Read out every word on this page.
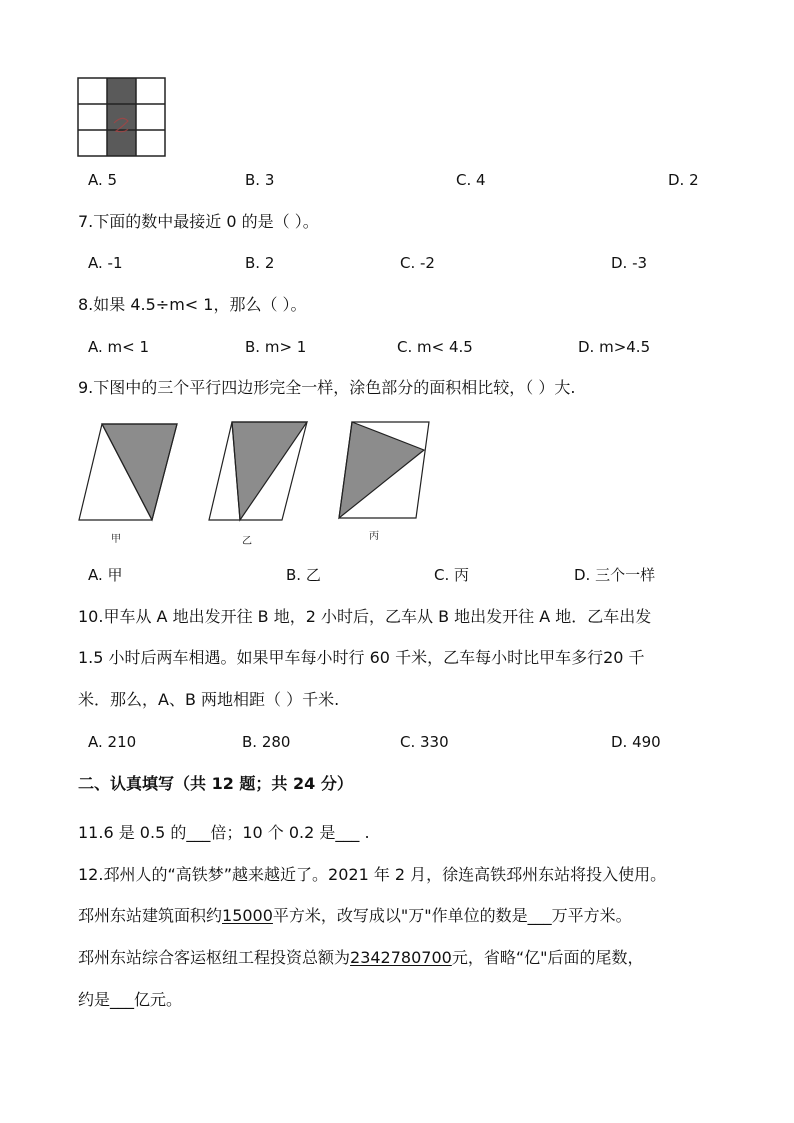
A. 5	B. 3	C. 4	D. 2
7.下面的数中最接近 0 的是（ ）。
A. -1	B. 2	C. -2	D. -3
8.如果 4.5÷m< 1，那么（ ）。
A. m< 1	B. m> 1	C. m< 4.5	D. m>4.5
9.下图中的三个平行四边形完全一样，涂色部分的面积相比较，（ ）大.
甲	乙	丙
A. 甲	B. 乙	C. 丙	D. 三个一样
10.甲车从 A 地出发开往 B 地，2 小时后，乙车从 B 地出发开往 A 地．乙车出发
1.5 小时后两车相遇。如果甲车每小时行 60 千米，乙车每小时比甲车多行20 千
米．那么，A、B 两地相距（ ）千米.
A. 210	B. 280	C. 330	D. 490
二、认真填写（共 12 题；共 24 分）
11.6 是 0.5 的___倍；10 个 0.2 是___ .
12.邳州人的“高铁梦”越来越近了。2021 年 2 月，徐连高铁邳州东站将投入使用。
邳州东站建筑面积约15000平方米，改写成以"万"作单位的数是___万平方米。
邳州东站综合客运枢纽工程投资总额为2342780700元，省略“亿"后面的尾数，
约是___亿元。
